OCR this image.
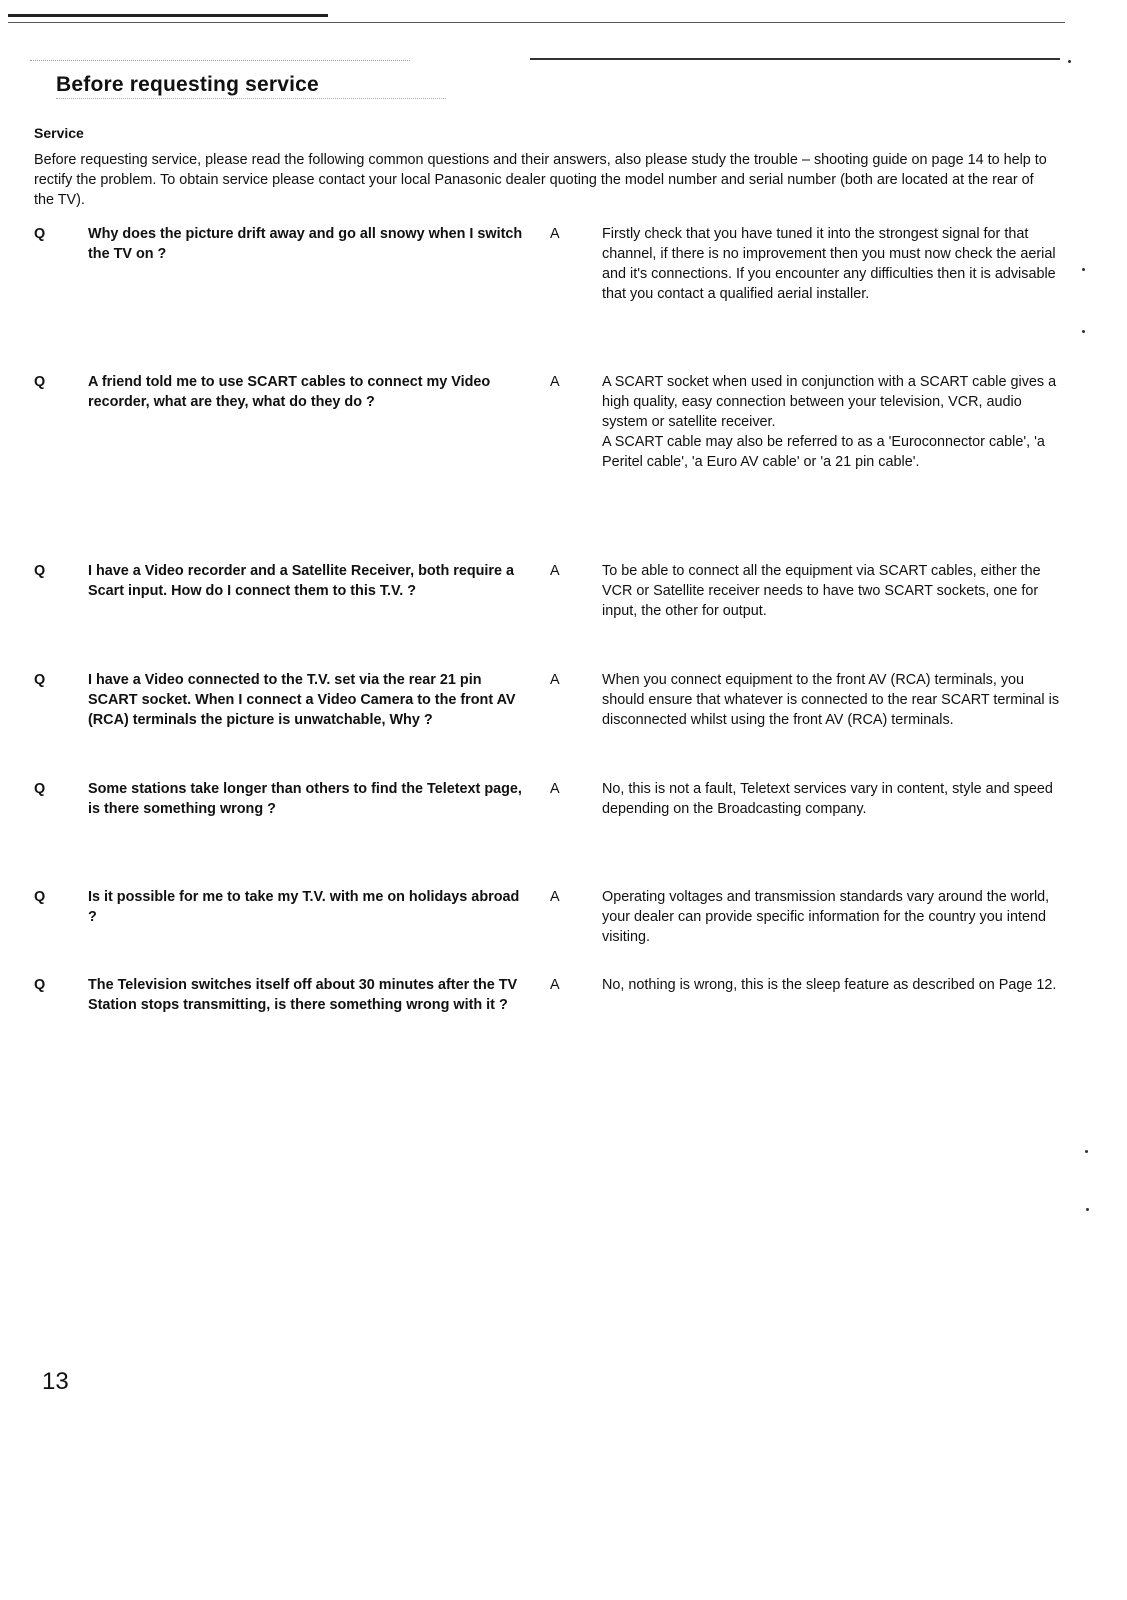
Before requesting service
Service
Before requesting service, please read the following common questions and their answers, also please study the trouble – shooting guide on page 14 to help to rectify the problem. To obtain service please contact your local Panasonic dealer quoting the model number and serial number (both are located at the rear of the TV).
Q	Why does the picture drift away and go all snowy when I switch the TV on ?
A	Firstly check that you have tuned it into the strongest signal for that channel, if there is no improvement then you must now check the aerial and it's connections. If you encounter any difficulties then it is advisable that you contact a qualified aerial installer.
Q	A friend told me to use SCART cables to connect my Video recorder, what are they, what do they do ?
A	A SCART socket when used in conjunction with a SCART cable gives a high quality, easy connection between your television, VCR, audio system or satellite receiver.
A SCART cable may also be referred to as a 'Euroconnector cable', 'a Peritel cable', 'a Euro AV cable' or 'a 21 pin cable'.
Q	I have a Video recorder and a Satellite Receiver, both require a Scart input. How do I connect them to this T.V. ?
A	To be able to connect all the equipment via SCART cables, either the VCR or Satellite receiver needs to have two SCART sockets, one for input, the other for output.
Q	I have a Video connected to the T.V. set via the rear 21 pin SCART socket. When I connect a Video Camera to the front AV (RCA) terminals the picture is unwatchable, Why ?
A	When you connect equipment to the front AV (RCA) terminals, you should ensure that whatever is connected to the rear SCART terminal is disconnected whilst using the front AV (RCA) terminals.
Q	Some stations take longer than others to find the Teletext page, is there something wrong ?
A	No, this is not a fault, Teletext services vary in content, style and speed depending on the Broadcasting company.
Q	Is it possible for me to take my T.V. with me on holidays abroad ?
A	Operating voltages and transmission standards vary around the world, your dealer can provide specific information for the country you intend visiting.
Q	The Television switches itself off about 30 minutes after the TV Station stops transmitting, is there something wrong with it ?
A	No, nothing is wrong, this is the sleep feature as described on Page 12.
13
